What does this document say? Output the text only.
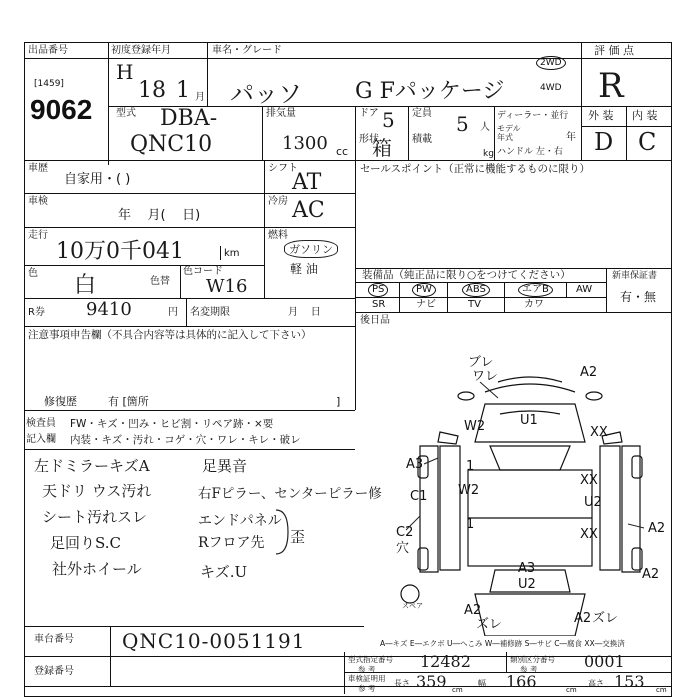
出品番号
[1459]
9062
初度登録年月
H
18 1 月
車名・グレード
パッソ G Fパッケージ
2WD
4WD
評 価 点
R
型式 DBA-
QNC10
排気量
1300 cc
ドア 5
形状
箱
定員 5 人
積載
kg
ディーラー・並行
モデル年式	年
ハンドル 左・右
外 装 内 装
D C
車歴
自家用・( )
シフト
AT
セールスポイント（正常に機能するものに限り）
車検
年    月(    日)
冷房 AC
走行
10万0千041	km
燃料
ガソリン
軽 油
色 白	色替
色コード
W16
装備品（純正品に限り○をつけてください）	新車保証書
有・無
PS	PW	ABS	エアB	AW
SR	ナビ	TV	カワ
R券 9410	円 名変期限	月    日
後日品
注意事項申告欄（不具合内容等は具体的に記入して下さい）
修復歴	有 [箇所	]
検査員
記入欄
FW・キズ・凹み・ヒビ割・リペア跡・×要
内装・キズ・汚れ・コゲ・穴・ワレ・キレ・破レ
左ドミラーキズA
天ドリ ウス汚れ
シート汚れスレ
足回りS.C
社外ホイール
足異音
右Fピラー、センターピラー修
エンドパネル
Rフロア先
キズ.U
歪
ブレ
ワレ	A2
U1
W2	XX
A3	1
C1 W2
XX
U2
C2
穴
1
XX	A2
A3
U2
A2
A2
ズレ	A2 ズレ
スペア
A―キズ E―エクボ U―へこみ W―補修跡 S―サビ C―腐食 XX―交換済
車台番号 QNC10-0051191
登録番号
型式指定番号
参 考	12482	類別区分番号
参 考	0001
車検証明用
参 考
長さ 359 cm
幅 166	cm
高さ 153 cm
